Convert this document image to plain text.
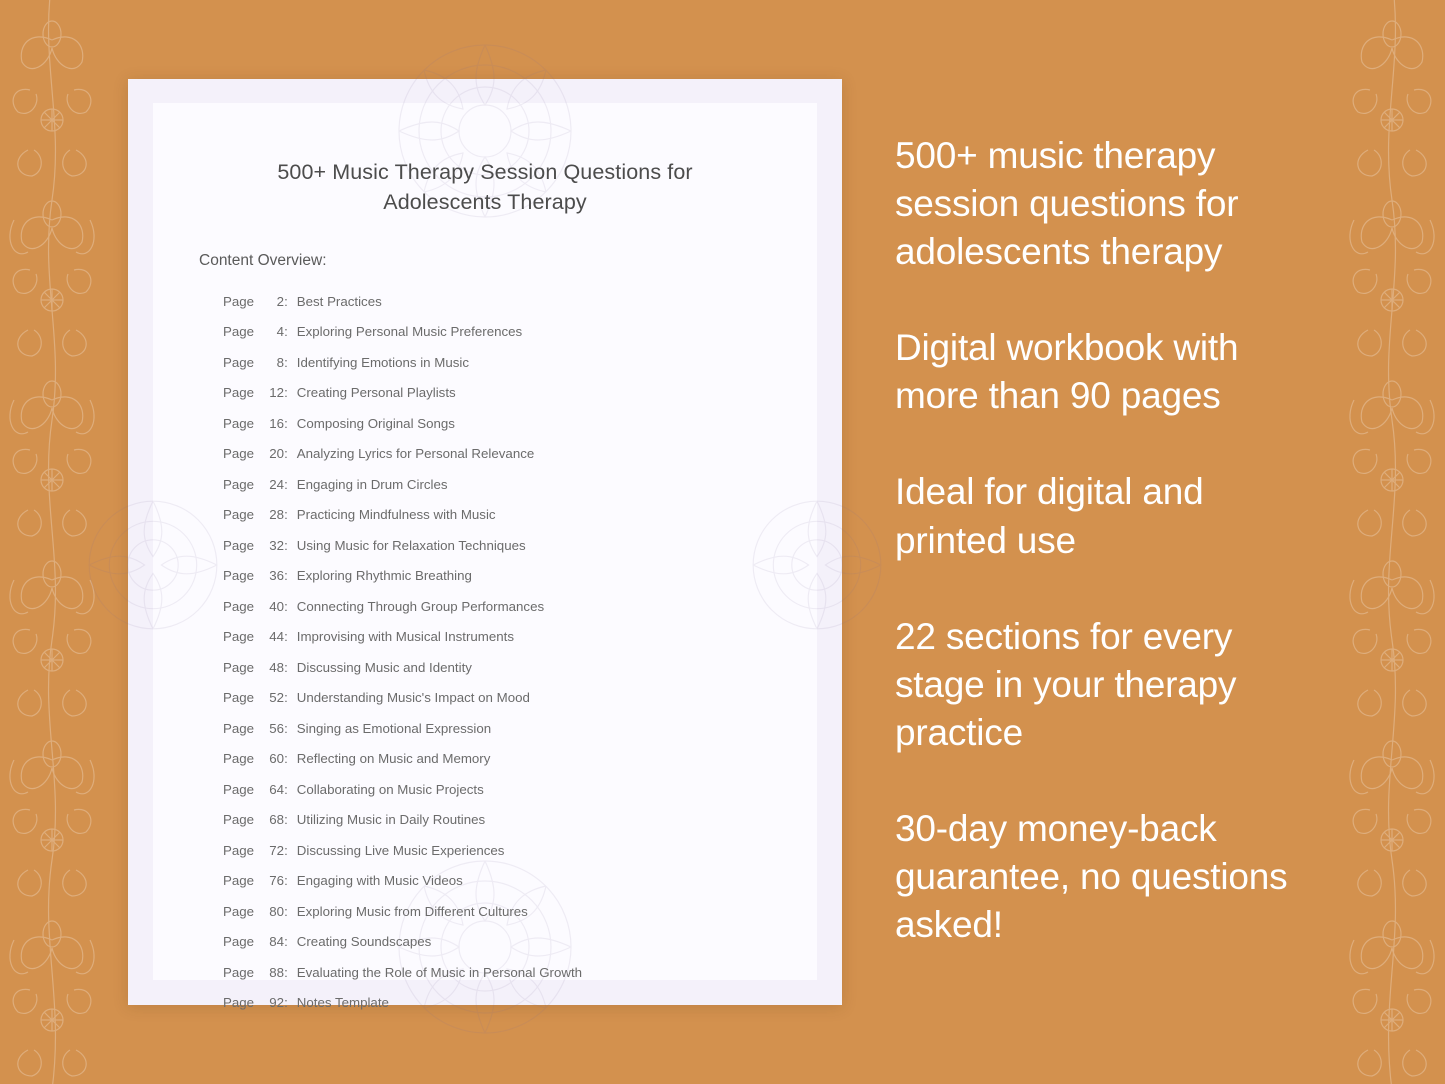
500+ Music Therapy Session Questions for Adolescents Therapy
Content Overview:
Page	2 : Best Practices
Page	4 : Exploring Personal Music Preferences
Page	8 : Identifying Emotions in Music
Page	12 : Creating Personal Playlists
Page	16 : Composing Original Songs
Page	20 : Analyzing Lyrics for Personal Relevance
Page	24 : Engaging in Drum Circles
Page	28 : Practicing Mindfulness with Music
Page	32 : Using Music for Relaxation Techniques
Page	36 : Exploring Rhythmic Breathing
Page	40 : Connecting Through Group Performances
Page	44 : Improvising with Musical Instruments
Page	48 : Discussing Music and Identity
Page	52 : Understanding Music's Impact on Mood
Page	56 : Singing as Emotional Expression
Page	60 : Reflecting on Music and Memory
Page	64 : Collaborating on Music Projects
Page	68 : Utilizing Music in Daily Routines
Page	72 : Discussing Live Music Experiences
Page	76 : Engaging with Music Videos
Page	80 : Exploring Music from Different Cultures
Page	84 : Creating Soundscapes
Page	88 : Evaluating the Role of Music in Personal Growth
Page	92 : Notes Template

500+ music therapy session questions for adolescents therapy

Digital workbook with more than 90 pages

Ideal for digital and printed use

22 sections for every stage in your therapy practice

30-day money-back guarantee, no questions asked!
